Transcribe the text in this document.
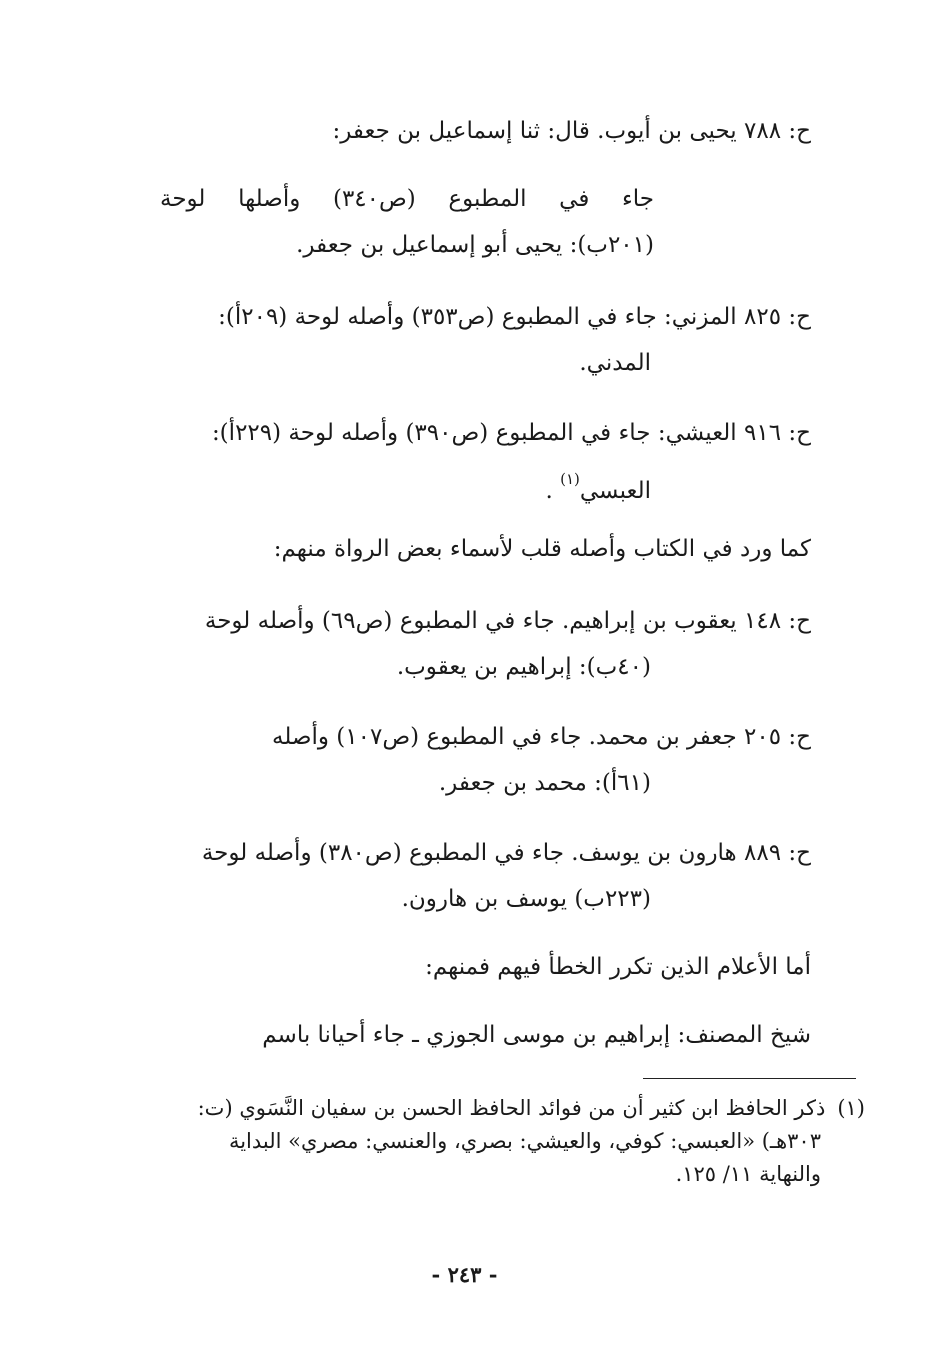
ح: ٧٨٨ يحيى بن أيوب. قال: ثنا إسماعيل بن جعفر:

جاء في المطبوع (ص٣٤٠) وأصلها لوحة
(٢٠١ب): يحيى أبو إسماعيل بن جعفر.

ح: ٨٢٥ المزني: جاء في المطبوع (ص٣٥٣) وأصله لوحة (٢٠٩أ):
المدني.

ح: ٩١٦ العيشي: جاء في المطبوع (ص٣٩٠) وأصله لوحة (٢٢٩أ):
العبسي$^{(١)}$ .

كما ورد في الكتاب وأصله قلب لأسماء بعض الرواة منهم:

ح: ١٤٨ يعقوب بن إبراهيم. جاء في المطبوع (ص٦٩) وأصله لوحة
(٤٠ب): إبراهيم بن يعقوب.

ح: ٢٠٥ جعفر بن محمد. جاء في المطبوع (ص١٠٧) وأصله
(٦١أ): محمد بن جعفر.

ح: ٨٨٩ هارون بن يوسف. جاء في المطبوع (ص٣٨٠) وأصله لوحة
(٢٢٣ب) يوسف بن هارون.

أما الأعلام الذين تكرر الخطأ فيهم فمنهم:

شيخ المصنف: إبراهيم بن موسى الجوزي ـ جاء أحيانا باسم

(١)ذكر الحافظ ابن كثير أن من فوائد الحافظ الحسن بن سفيان النَّسَوي (ت:
٣٠٣هـ) «العبسي: كوفي، والعيشي: بصري، والعنسي: مصري» البداية
والنهاية ١١/ ١٢٥.
- ٢٤٣ -
